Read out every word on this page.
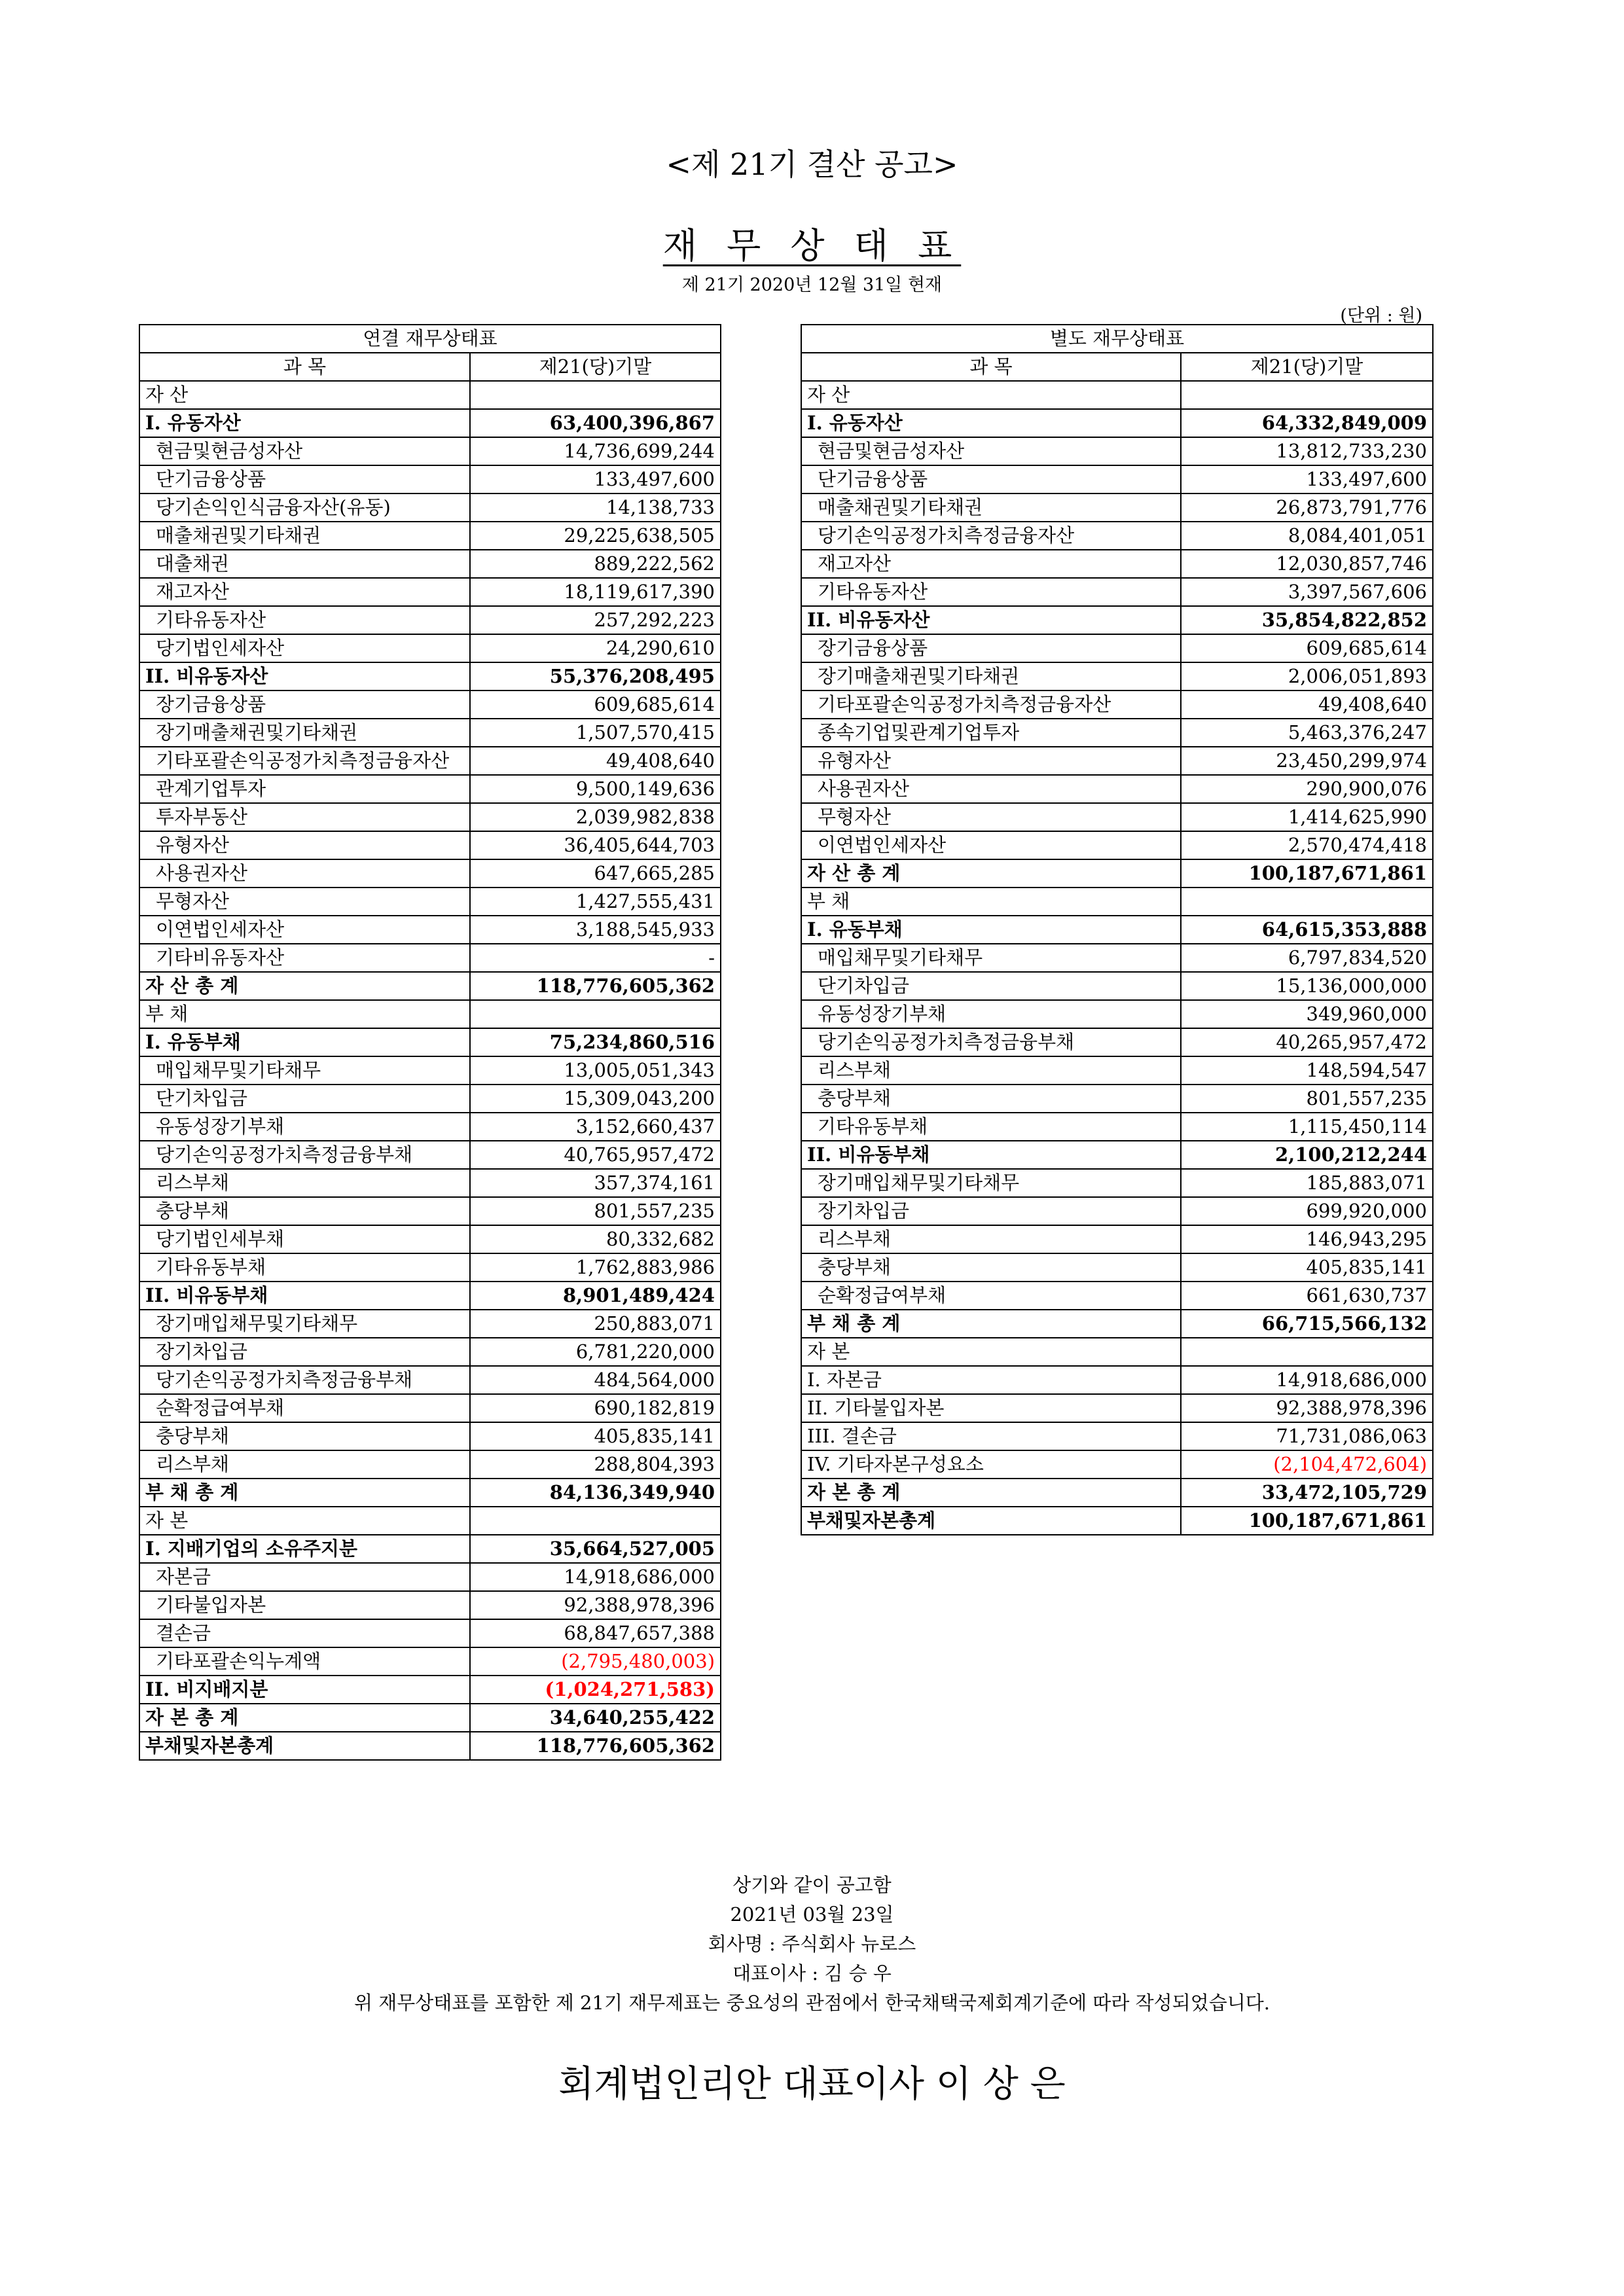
<제 21기 결산 공고>
재 무 상 태 표
제 21기 2020년 12월 31일 현재
(단위 : 원)
연결 재무상태표	
과 목	제21(당)기말
자 산	
I. 유동자산	63,400,396,867
현금및현금성자산	14,736,699,244
단기금융상품	133,497,600
당기손익인식금융자산(유동)	14,138,733
매출채권및기타채권	29,225,638,505
대출채권	889,222,562
재고자산	18,119,617,390
기타유동자산	257,292,223
당기법인세자산	24,290,610
II. 비유동자산	55,376,208,495
장기금융상품	609,685,614
장기매출채권및기타채권	1,507,570,415
기타포괄손익공정가치측정금융자산	49,408,640
관계기업투자	9,500,149,636
투자부동산	2,039,982,838
유형자산	36,405,644,703
사용권자산	647,665,285
무형자산	1,427,555,431
이연법인세자산	3,188,545,933
기타비유동자산	-
자 산 총 계	118,776,605,362
부 채	
I. 유동부채	75,234,860,516
매입채무및기타채무	13,005,051,343
단기차입금	15,309,043,200
유동성장기부채	3,152,660,437
당기손익공정가치측정금융부채	40,765,957,472
리스부채	357,374,161
충당부채	801,557,235
당기법인세부채	80,332,682
기타유동부채	1,762,883,986
II. 비유동부채	8,901,489,424
장기매입채무및기타채무	250,883,071
장기차입금	6,781,220,000
당기손익공정가치측정금융부채	484,564,000
순확정급여부채	690,182,819
충당부채	405,835,141
리스부채	288,804,393
부 채 총 계	84,136,349,940
자 본	
I. 지배기업의 소유주지분	35,664,527,005
자본금	14,918,686,000
기타불입자본	92,388,978,396
결손금	68,847,657,388
기타포괄손익누계액	(2,795,480,003)
II. 비지배지분	(1,024,271,583)
자 본 총 계	34,640,255,422
부채및자본총계	118,776,605,362
별도 재무상태표	
과 목	제21(당)기말
자 산	
I. 유동자산	64,332,849,009
현금및현금성자산	13,812,733,230
단기금융상품	133,497,600
매출채권및기타채권	26,873,791,776
당기손익공정가치측정금융자산	8,084,401,051
재고자산	12,030,857,746
기타유동자산	3,397,567,606
II. 비유동자산	35,854,822,852
장기금융상품	609,685,614
장기매출채권및기타채권	2,006,051,893
기타포괄손익공정가치측정금융자산	49,408,640
종속기업및관계기업투자	5,463,376,247
유형자산	23,450,299,974
사용권자산	290,900,076
무형자산	1,414,625,990
이연법인세자산	2,570,474,418
자 산 총 계	100,187,671,861
부 채	
I. 유동부채	64,615,353,888
매입채무및기타채무	6,797,834,520
단기차입금	15,136,000,000
유동성장기부채	349,960,000
당기손익공정가치측정금융부채	40,265,957,472
리스부채	148,594,547
충당부채	801,557,235
기타유동부채	1,115,450,114
II. 비유동부채	2,100,212,244
장기매입채무및기타채무	185,883,071
장기차입금	699,920,000
리스부채	146,943,295
충당부채	405,835,141
순확정급여부채	661,630,737
부 채 총 계	66,715,566,132
자 본	
I. 자본금	14,918,686,000
II. 기타불입자본	92,388,978,396
III. 결손금	71,731,086,063
IV. 기타자본구성요소	(2,104,472,604)
자 본 총 계	33,472,105,729
부채및자본총계	100,187,671,861
상기와 같이 공고함
2021년 03월 23일
회사명 : 주식회사 뉴로스
대표이사 : 김 승 우
위 재무상태표를 포함한 제 21기 재무제표는 중요성의 관점에서 한국채택국제회계기준에 따라 작성되었습니다.
회계법인리안 대표이사 이 상 은
